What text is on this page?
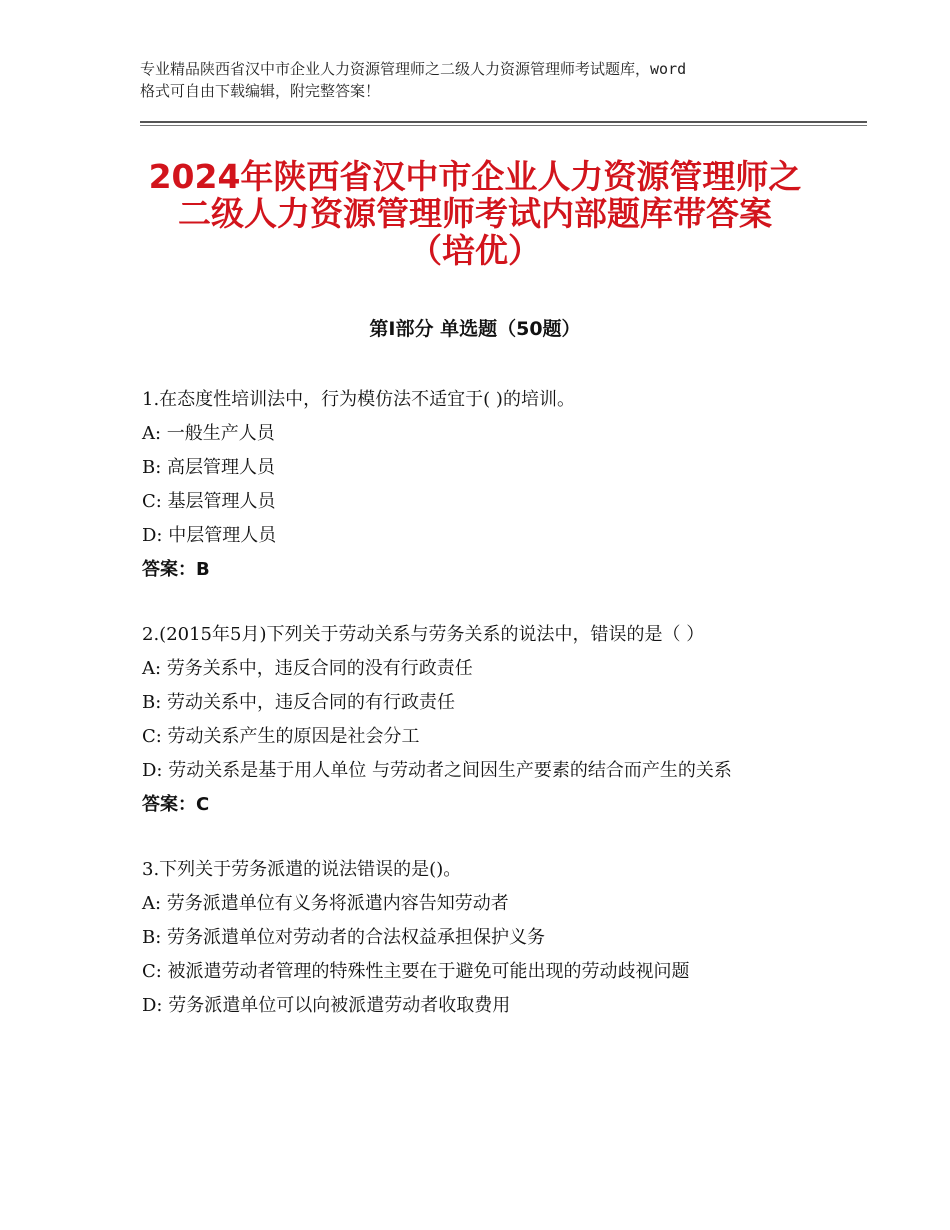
专业精品陕西省汉中市企业人力资源管理师之二级人力资源管理师考试题库，word
格式可自由下载编辑，附完整答案！
2024年陕西省汉中市企业人力资源管理师之
二级人力资源管理师考试内部题库带答案
（培优）
第Ⅰ部分 单选题（50题）
1.在态度性培训法中，行为模仿法不适宜于( )的培训。
A: 一般生产人员
B: 高层管理人员
C: 基层管理人员
D: 中层管理人员
答案：B
2.(2015年5月)下列关于劳动关系与劳务关系的说法中，错误的是（ ）
A: 劳务关系中，违反合同的没有行政责任
B: 劳动关系中，违反合同的有行政责任
C: 劳动关系产生的原因是社会分工
D: 劳动关系是基于用人单位 与劳动者之间因生产要素的结合而产生的关系
答案：C
3.下列关于劳务派遣的说法错误的是()。
A: 劳务派遣单位有义务将派遣内容告知劳动者
B: 劳务派遣单位对劳动者的合法权益承担保护义务
C: 被派遣劳动者管理的特殊性主要在于避免可能出现的劳动歧视问题
D: 劳务派遣单位可以向被派遣劳动者收取费用
